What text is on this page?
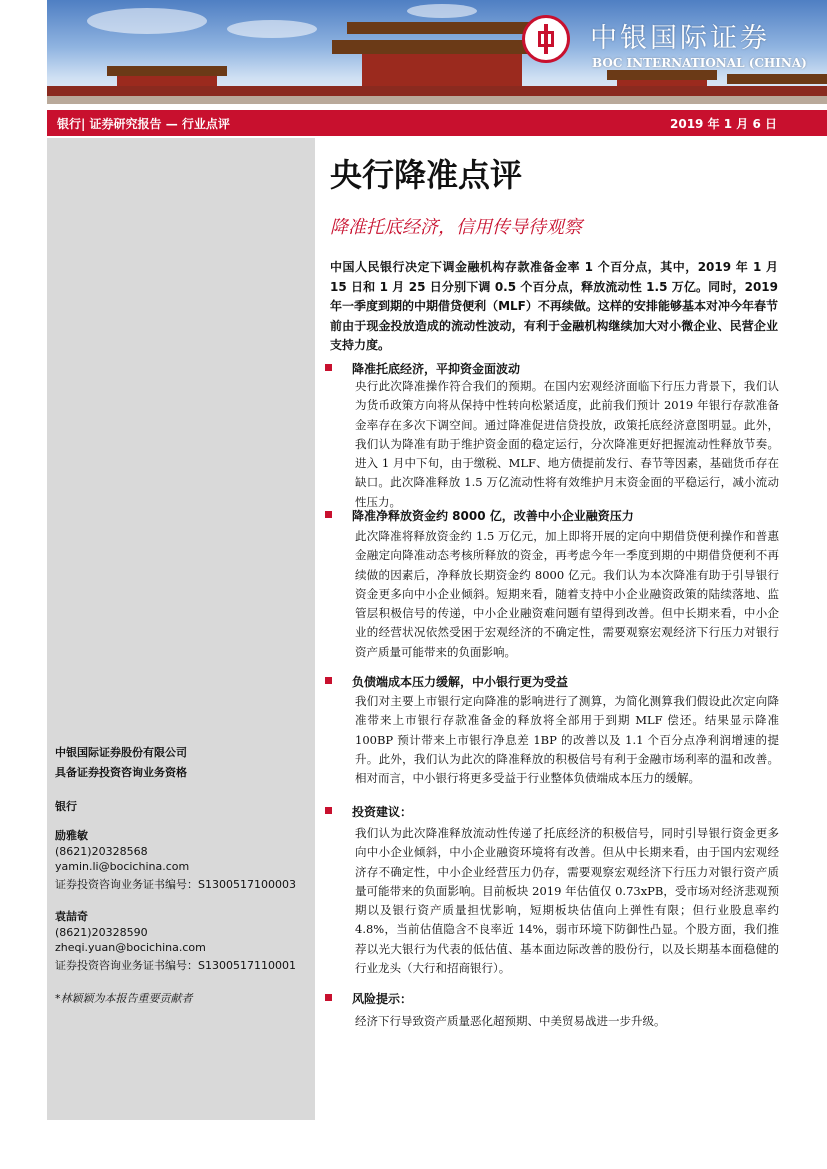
中银国际证券
BOC INTERNATIONAL (CHINA)
银行| 证券研究报告 — 行业点评	2019 年 1 月 6 日
中银国际证券股份有限公司
具备证券投资咨询业务资格
银行
励雅敏
(8621)20328568
yamin.li@bocichina.com
证券投资咨询业务证书编号：S1300517100003
袁喆奇
(8621)20328590
zheqi.yuan@bocichina.com
证券投资咨询业务证书编号：S1300517110001
*林颖颖为本报告重要贡献者
央行降准点评
降准托底经济，信用传导待观察
中国人民银行决定下调金融机构存款准备金率 1 个百分点，其中，2019 年 1 月 15 日和 1 月 25 日分别下调 0.5 个百分点，释放流动性 1.5 万亿。同时，2019 年一季度到期的中期借贷便利（MLF）不再续做。这样的安排能够基本对冲今年春节前由于现金投放造成的流动性波动，有利于金融机构继续加大对小微企业、民营企业支持力度。
降准托底经济，平抑资金面波动
央行此次降准操作符合我们的预期。在国内宏观经济面临下行压力背景下，我们认为货币政策方向将从保持中性转向松紧适度，此前我们预计 2019 年银行存款准备金率存在多次下调空间。通过降准促进信贷投放，政策托底经济意图明显。此外，我们认为降准有助于维护资金面的稳定运行，分次降准更好把握流动性释放节奏。进入 1 月中下旬，由于缴税、MLF、地方债提前发行、春节等因素，基础货币存在缺口。此次降准释放 1.5 万亿流动性将有效维护月末资金面的平稳运行，减小流动性压力。
降准净释放资金约 8000 亿，改善中小企业融资压力
此次降准将释放资金约 1.5 万亿元，加上即将开展的定向中期借贷便利操作和普惠金融定向降准动态考核所释放的资金，再考虑今年一季度到期的中期借贷便利不再续做的因素后，净释放长期资金约 8000 亿元。我们认为本次降准有助于引导银行资金更多向中小企业倾斜。短期来看，随着支持中小企业融资政策的陆续落地、监管层积极信号的传递，中小企业融资难问题有望得到改善。但中长期来看，中小企业的经营状况依然受困于宏观经济的不确定性，需要观察宏观经济下行压力对银行资产质量可能带来的负面影响。
负债端成本压力缓解，中小银行更为受益
我们对主要上市银行定向降准的影响进行了测算，为简化测算我们假设此次定向降准带来上市银行存款准备金的释放将全部用于到期 MLF 偿还。结果显示降准 100BP 预计带来上市银行净息差 1BP 的改善以及 1.1 个百分点净利润增速的提升。此外，我们认为此次的降准释放的积极信号有利于金融市场利率的温和改善。相对而言，中小银行将更多受益于行业整体负债端成本压力的缓解。
投资建议：
我们认为此次降准释放流动性传递了托底经济的积极信号，同时引导银行资金更多向中小企业倾斜，中小企业融资环境将有改善。但从中长期来看，由于国内宏观经济存不确定性，中小企业经营压力仍存，需要观察宏观经济下行压力对银行资产质量可能带来的负面影响。目前板块 2019 年估值仅 0.73xPB，受市场对经济悲观预期以及银行资产质量担忧影响，短期板块估值向上弹性有限；但行业股息率约 4.8%，当前估值隐含不良率近 14%，弱市环境下防御性凸显。个股方面，我们推荐以光大银行为代表的低估值、基本面边际改善的股份行，以及长期基本面稳健的行业龙头（大行和招商银行）。
风险提示：
经济下行导致资产质量恶化超预期、中美贸易战进一步升级。
